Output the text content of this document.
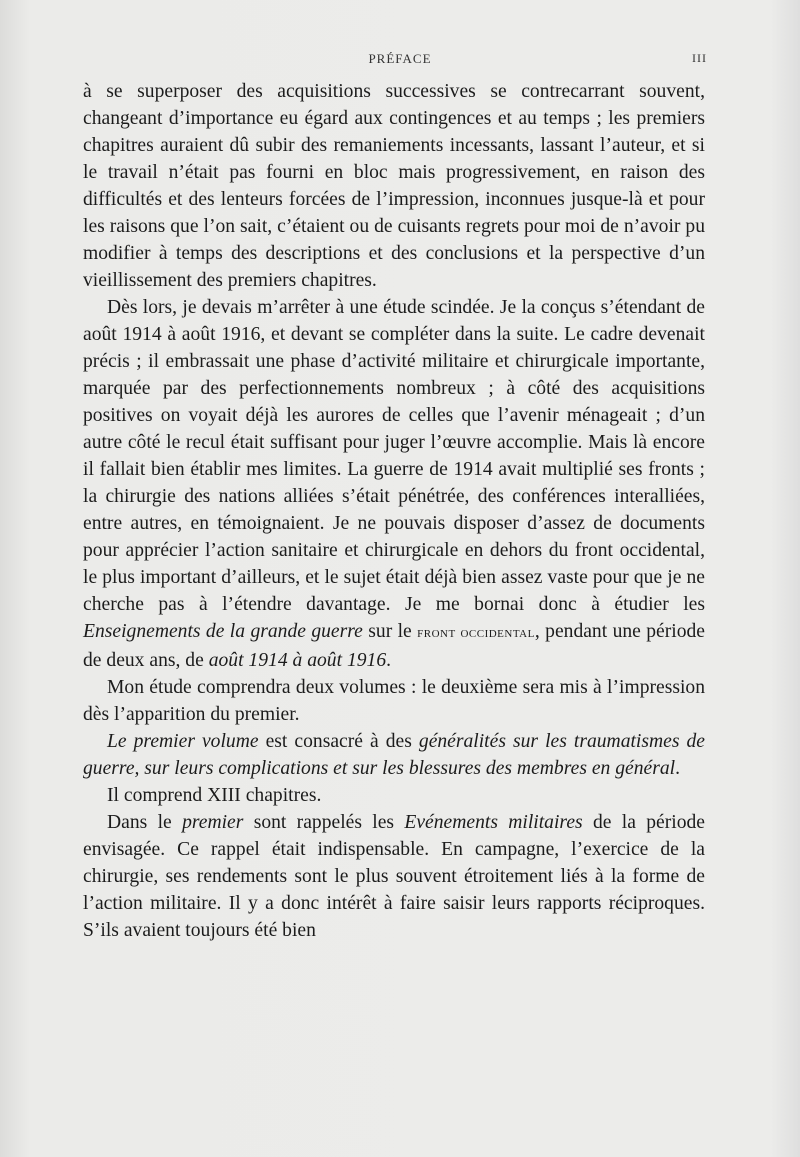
PRÉFACE	III

à se superposer des acquisitions successives se contrecarrant souvent, changeant d’importance eu égard aux contingences et au temps ; les premiers chapitres auraient dû subir des remaniements incessants, lassant l’auteur, et si le travail n’était pas fourni en bloc mais progressivement, en raison des difficultés et des lenteurs forcées de l’impression, inconnues jusque-là et pour les raisons que l’on sait, c’étaient ou de cuisants regrets pour moi de n’avoir pu modifier à temps des descriptions et des conclusions et la perspective d’un vieillissement des premiers chapitres.

Dès lors, je devais m’arrêter à une étude scindée. Je la conçus s’étendant de août 1914 à août 1916, et devant se compléter dans la suite. Le cadre devenait précis ; il embrassait une phase d’activité militaire et chirurgicale importante, marquée par des perfectionnements nombreux ; à côté des acquisitions positives on voyait déjà les aurores de celles que l’avenir ménageait ; d’un autre côté le recul était suffisant pour juger l’œuvre accomplie. Mais là encore il fallait bien établir mes limites. La guerre de 1914 avait multiplié ses fronts ; la chirurgie des nations alliées s’était pénétrée, des conférences interalliées, entre autres, en témoignaient. Je ne pouvais disposer d’assez de documents pour apprécier l’action sanitaire et chirurgicale en dehors du front occidental, le plus important d’ailleurs, et le sujet était déjà bien assez vaste pour que je ne cherche pas à l’étendre davantage. Je me bornai donc à étudier les Enseignements de la grande guerre sur le front occidental, pendant une période de deux ans, de août 1914 à août 1916.

Mon étude comprendra deux volumes : le deuxième sera mis à l’impression dès l’apparition du premier.

Le premier volume est consacré à des généralités sur les traumatismes de guerre, sur leurs complications et sur les blessures des membres en général.

Il comprend XIII chapitres.

Dans le premier sont rappelés les Evénements militaires de la période envisagée. Ce rappel était indispensable. En campagne, l’exercice de la chirurgie, ses rendements sont le plus souvent étroitement liés à la forme de l’action militaire. Il y a donc intérêt à faire saisir leurs rapports réciproques. S’ils avaient toujours été bien
